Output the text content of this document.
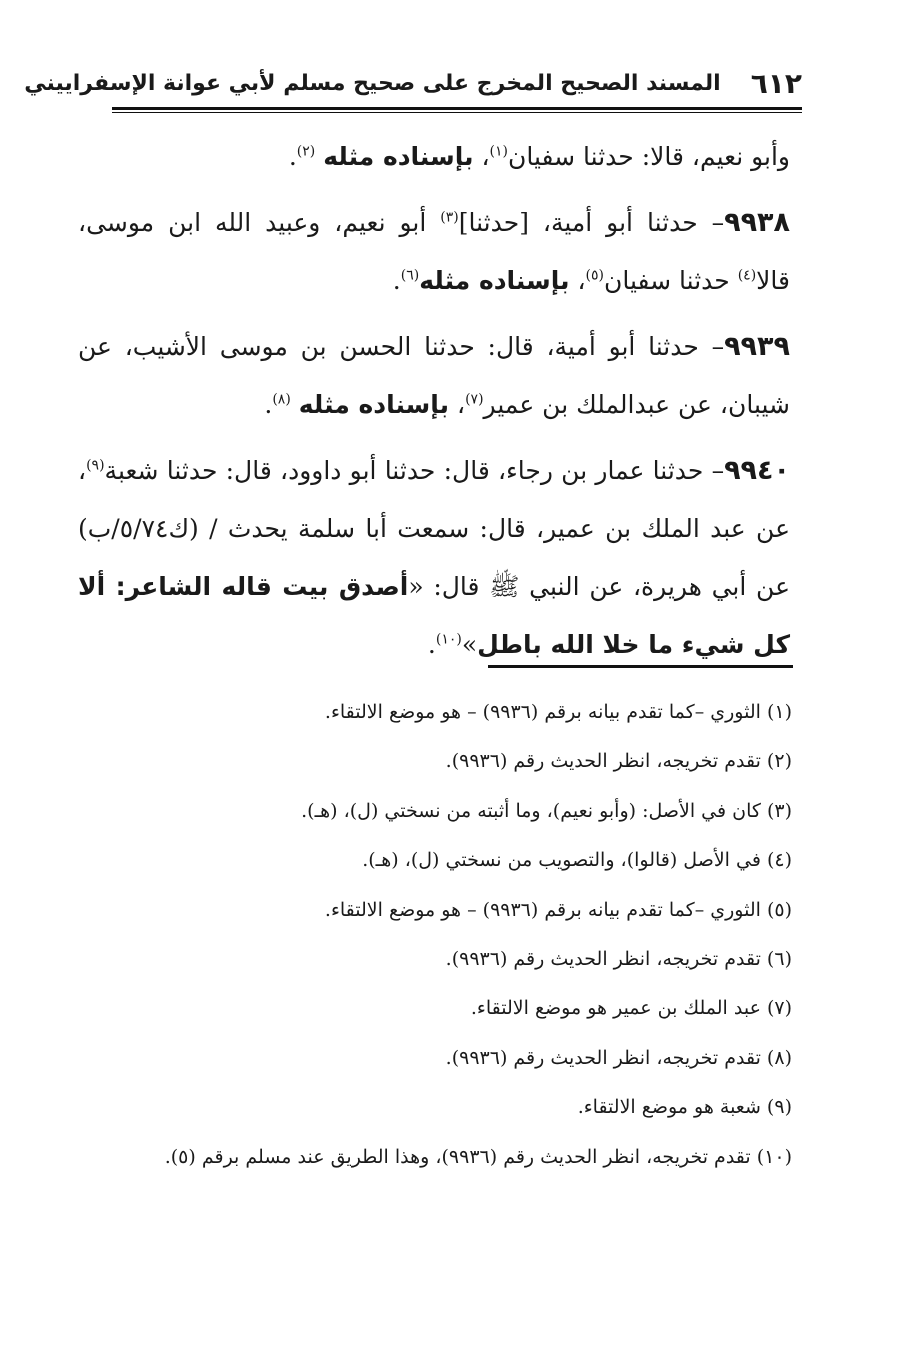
٦١٢
المسند الصحيح المخرج على صحيح مسلم لأبي عوانة الإسفراييني

وأبو نعيم، قالا: حدثنا سفيان$^{(١)}$، بإسناده مثله $^{(٢)}$.

٩٩٣٨– حدثنا أبو أمية، [حدثنا]$^{(٣)}$ أبو نعيم، وعبيد الله ابن موسى، قالا$^{(٤)}$ حدثنا سفيان$^{(٥)}$، بإسناده مثله$^{(٦)}$.

٩٩٣٩– حدثنا أبو أمية، قال: حدثنا الحسن بن موسى الأشيب، عن شيبان، عن عبدالملك بن عمير$^{(٧)}$، بإسناده مثله $^{(٨)}$.

٩٩٤٠– حدثنا عمار بن رجاء، قال: حدثنا أبو داوود، قال: حدثنا شعبة$^{(٩)}$، عن عبد الملك بن عمير، قال: سمعت أبا سلمة يحدث / (ك٥/٧٤/ب) عن أبي هريرة، عن النبي ﷺ قال: «أصدق بيت قاله الشاعر: ألا كل شيء ما خلا الله باطل»$^{(١٠)}$.

(١) الثوري –كما تقدم بيانه برقم (٩٩٣٦) – هو موضع الالتقاء.
(٢) تقدم تخريجه، انظر الحديث رقم (٩٩٣٦).
(٣) كان في الأصل: (وأبو نعيم)، وما أثبته من نسختي (ل)، (هـ).
(٤) في الأصل (قالوا)، والتصويب من نسختي (ل)، (هـ).
(٥) الثوري –كما تقدم بيانه برقم (٩٩٣٦) – هو موضع الالتقاء.
(٦) تقدم تخريجه، انظر الحديث رقم (٩٩٣٦).
(٧) عبد الملك بن عمير هو موضع الالتقاء.
(٨) تقدم تخريجه، انظر الحديث رقم (٩٩٣٦).
(٩) شعبة هو موضع الالتقاء.
(١٠) تقدم تخريجه، انظر الحديث رقم (٩٩٣٦)، وهذا الطريق عند مسلم برقم (٥).
